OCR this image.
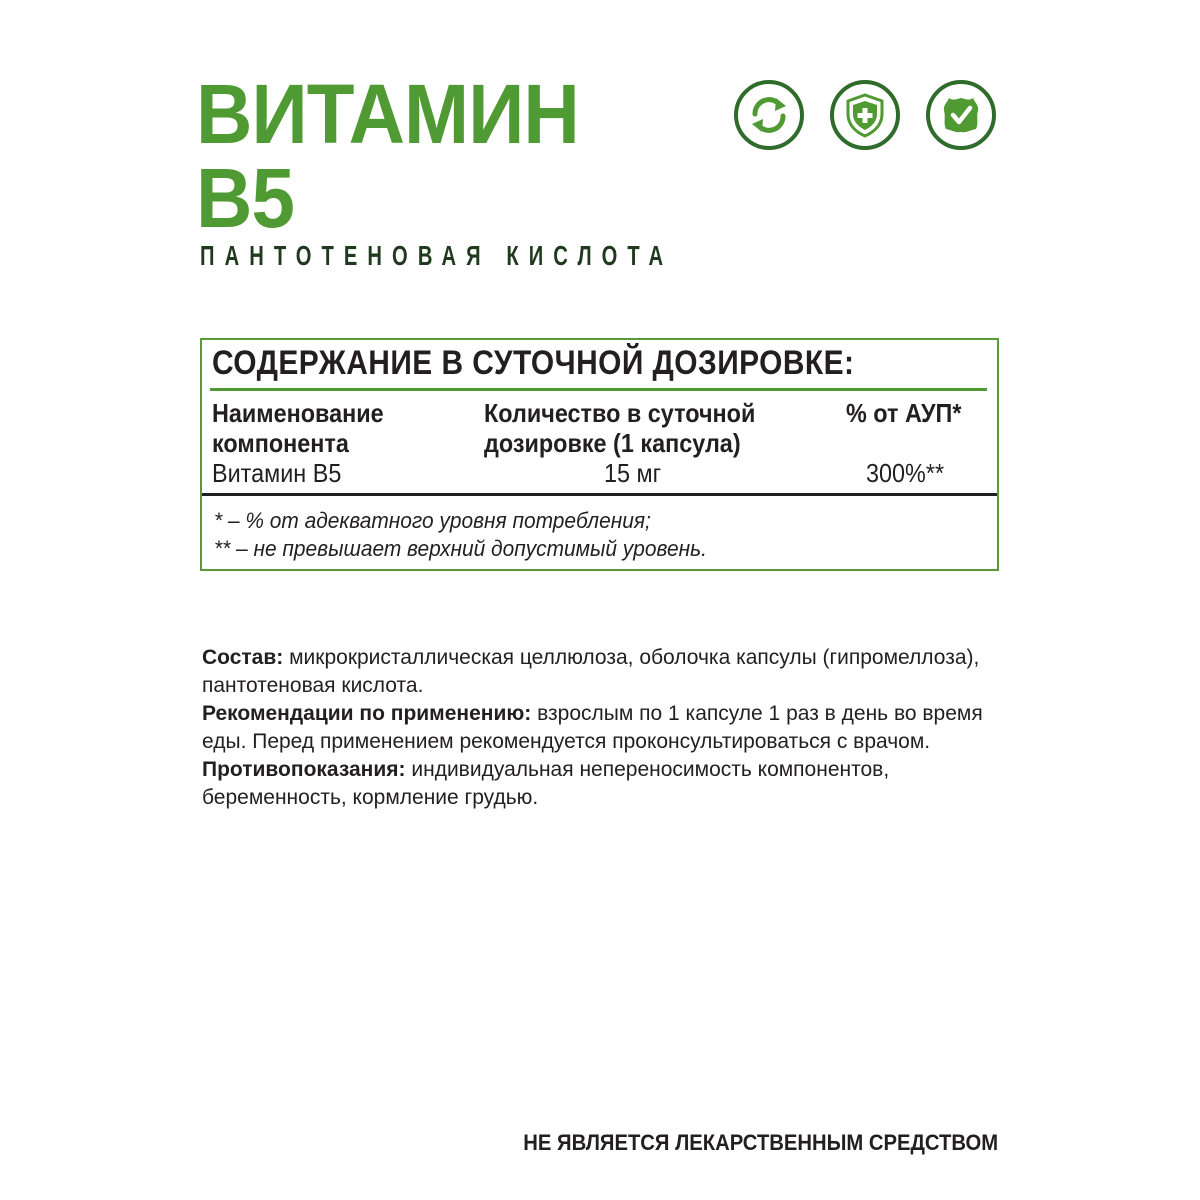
ВИТАМИН
B5
ПАНТОТЕНОВАЯ КИСЛОТА
СОДЕРЖАНИЕ В СУТОЧНОЙ ДОЗИРОВКЕ:
Наименование
компонента
Количество в суточной
дозировке (1 капсула)
% от АУП*
Витамин B5	15 мг	300%**
* – % от адекватного уровня потребления;
** – не превышает верхний допустимый уровень.

Состав: микрокристаллическая целлюлоза, оболочка капсулы (гипромеллоза), пантотеновая кислота.

Рекомендации по применению: взрослым по 1 капсуле 1 раз в день во время еды. Перед применением рекомендуется проконсультироваться с врачом.

Противопоказания: индивидуальная непереносимость компонентов, беременность, кормление грудью.

НЕ ЯВЛЯЕТСЯ ЛЕКАРСТВЕННЫМ СРЕДСТВОМ
